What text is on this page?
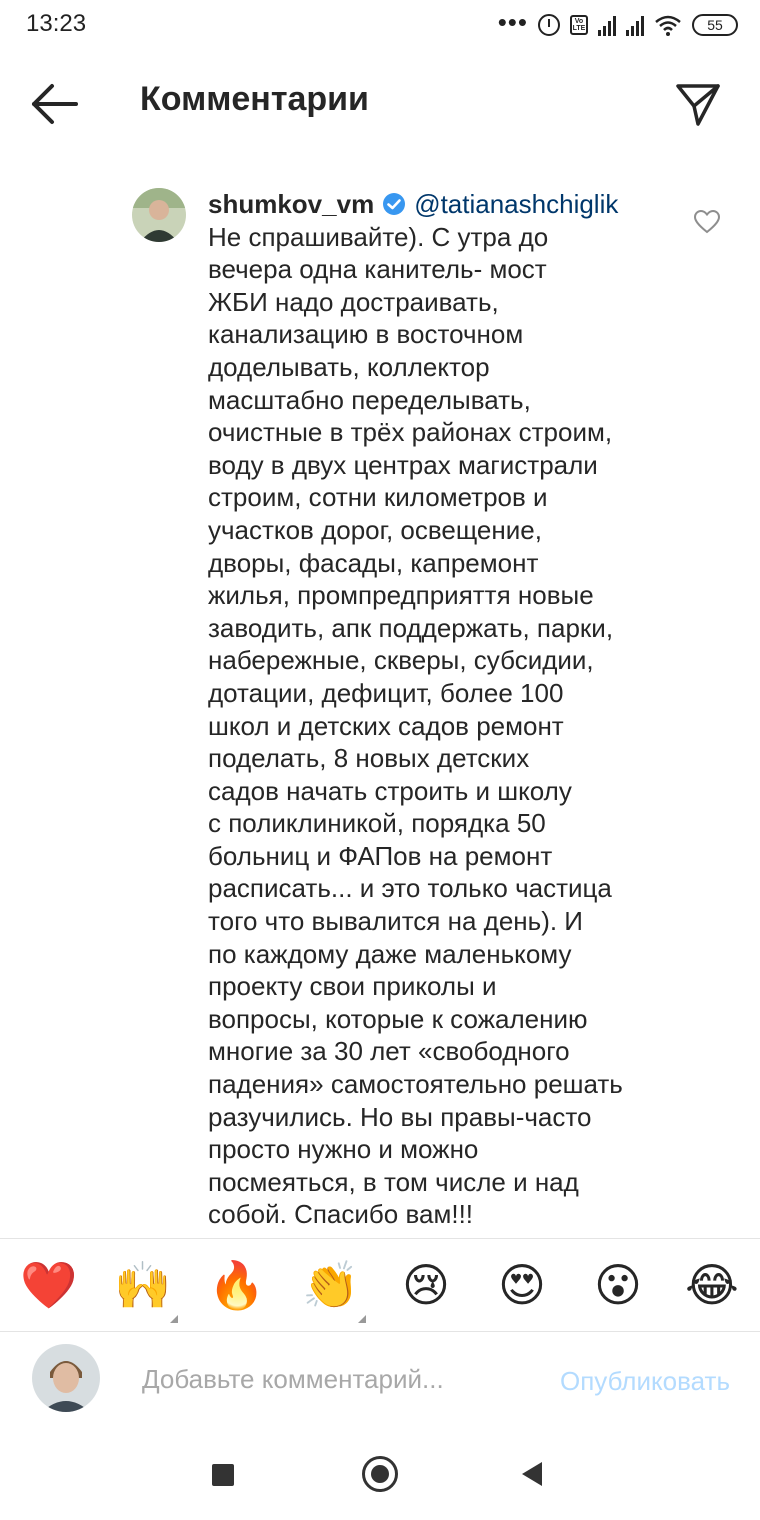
13:23	•••	Vo LTE	55
Комментарии
shumkov_vm @tatianashchiglik
Не спрашивайте). С утра до
вечера одна канитель- мост
ЖБИ надо достраивать,
канализацию в восточном
доделывать, коллектор
масштабно переделывать,
очистные в трёх районах строим,
воду в двух центрах магистрали
строим, сотни километров и
участков дорог, освещение,
дворы, фасады, капремонт
жилья, промпредприяття новые
заводить, апк поддержать, парки,
набережные, скверы, субсидии,
дотации, дефицит, более 100
школ и детских садов ремонт
поделать, 8 новых детских
садов начать строить и школу
с поликлиникой, порядка 50
больниц и ФАПов на ремонт
расписать... и это только частица
того что вывалится на день). И
по каждому даже маленькому
проекту свои приколы и
вопросы, которые к сожалению
многие за 30 лет «свободного
падения» самостоятельно решать
разучились. Но вы правы-часто
просто нужно и можно
посмеяться, в том числе и над
собой. Спасибо вам!!!
❤️ 🙌 🔥 👏 😢 😍 😮 😂
Добавьте комментарий...
Опубликовать
